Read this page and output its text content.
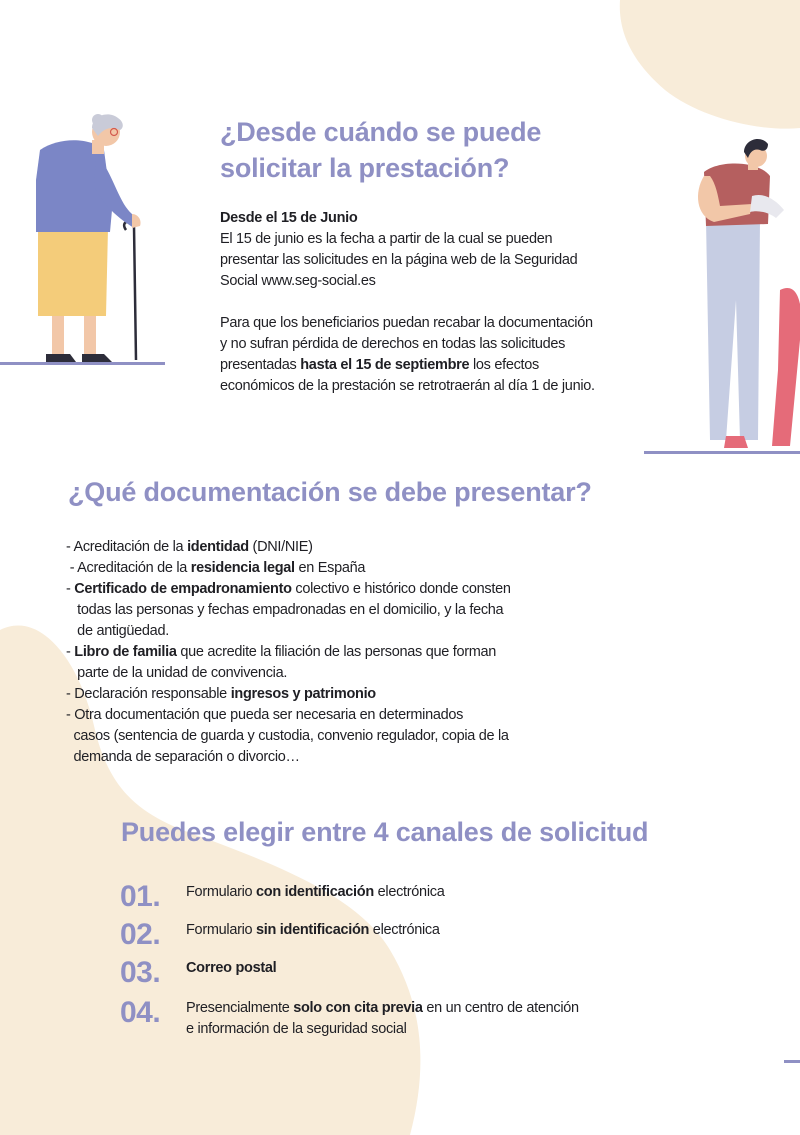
¿Desde cuándo se puede
solicitar la prestación?

Desde el 15 de Junio

El 15 de junio es la fecha a partir de la cual se pueden

presentar las solicitudes en la página web de la Seguridad

Social www.seg-social.es

Para que los beneficiarios puedan recabar la documentación

y no sufran pérdida de derechos en todas las solicitudes

presentadas hasta el 15 de septiembre los efectos

económicos de la prestación se retrotraerán al día 1 de junio.

¿Qué documentación se debe presentar?
- Acreditación de la identidad (DNI/NIE)
- Acreditación de la residencia legal en España
- Certificado de empadronamiento colectivo e histórico donde consten
todas las personas y fechas empadronadas en el domicilio, y la fecha
de antigüedad.
- Libro de familia que acredite la filiación de las personas que forman
parte de la unidad de convivencia.
- Declaración responsable ingresos y patrimonio
- Otra documentación que pueda ser necesaria en determinados
casos (sentencia de guarda y custodia, convenio regulador, copia de la
demanda de separación o divorcio…
Puedes elegir entre 4 canales de solicitud
01. Formulario con identificación electrónica
02. Formulario sin identificación electrónica
03. Correo postal
04. Presencialmente solo con cita previa en un centro de atención
e información de la seguridad social
